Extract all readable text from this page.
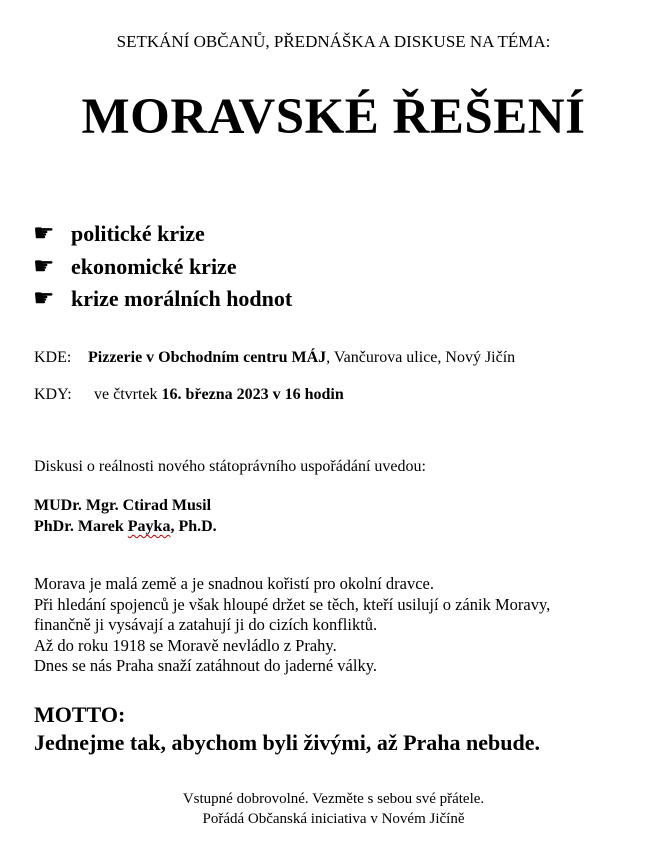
SETKÁNÍ OBČANŮ, PŘEDNÁŠKA A DISKUSE NA TÉMA:
MORAVSKÉ ŘEŠENÍ
☛ politické krize
☛ ekonomické krize
☛ krize morálních hodnot
KDE: Pizzerie v Obchodním centru MÁJ, Vančurova ulice, Nový Jičín
KDY: ve čtvrtek 16. března 2023 v 16 hodin
Diskusi o reálnosti nového státoprávního uspořádání uvedou:
MUDr. Mgr. Ctirad Musil
PhDr. Marek Payka, Ph.D.
Morava je malá země a je snadnou kořistí pro okolní dravce.
Při hledání spojenců je však hloupé držet se těch, kteří usilují o zánik Moravy,
finančně ji vysávají a zatahují ji do cizích konfliktů.
Až do roku 1918 se Moravě nevládlo z Prahy.
Dnes se nás Praha snaží zatáhnout do jaderné války.
MOTTO:
Jednejme tak, abychom byli živými, až Praha nebude.
Vstupné dobrovolné. Vezměte s sebou své přátele.
Pořádá Občanská iniciativa v Novém Jičíně
